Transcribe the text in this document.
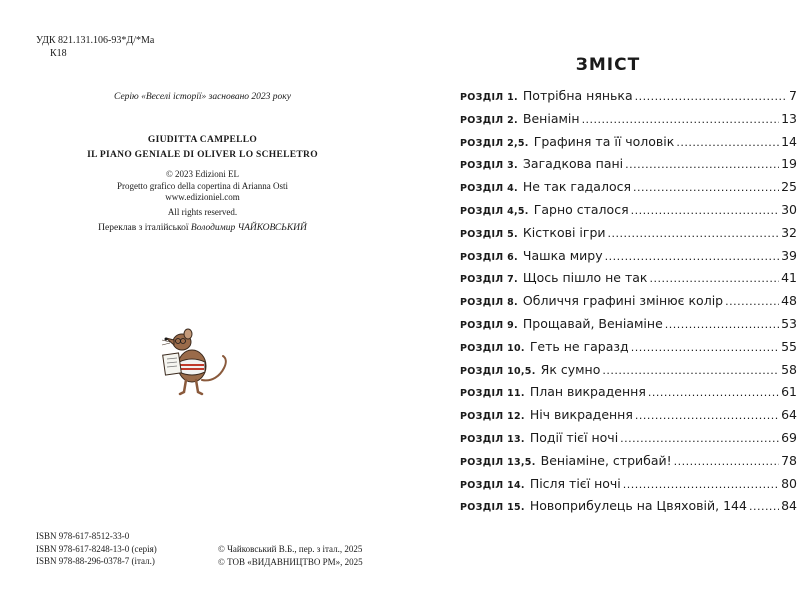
УДК 821.131.106-93*Д/*Ма
К18
Серію «Веселі історії» засновано 2023 року
GIUDITTA CAMPELLO
IL PIANO GENIALE DI OLIVER LO SCHELETRO
© 2023 Edizioni EL
Progetto grafico della copertina di Arianna Osti
www.edizioniel.com
All rights reserved.
Переклав з італійської Володимир ЧАЙКОВСЬКИЙ
ISBN 978-617-8512-33-0
ISBN 978-617-8248-13-0 (серія)
ISBN 978-88-296-0378-7 (італ.)
© Чайковський В.Б., пер. з італ., 2025
© ТОВ «ВИДАВНИЦТВО РМ», 2025
ЗМІСТ
РОЗДІЛ 1. Потрібна нянька .....	7
РОЗДІЛ 2. Веніамін .....	13
РОЗДІЛ 2,5. Графиня та її чоловік .....	14
РОЗДІЛ 3. Загадкова пані .....	19
РОЗДІЛ 4. Не так гадалося .....	25
РОЗДІЛ 4,5. Гарно сталося .....	30
РОЗДІЛ 5. Кісткові ігри .....	32
РОЗДІЛ 6. Чашка миру .....	39
РОЗДІЛ 7. Щось пішло не так .....	41
РОЗДІЛ 8. Обличчя графині змінює колір .....	48
РОЗДІЛ 9. Прощавай, Веніаміне .....	53
РОЗДІЛ 10. Геть не гаразд .....	55
РОЗДІЛ 10,5. Як сумно .....	58
РОЗДІЛ 11. План викрадення .....	61
РОЗДІЛ 12. Ніч викрадення .....	64
РОЗДІЛ 13. Події тієї ночі .....	69
РОЗДІЛ 13,5. Веніаміне, стрибай! .....	78
РОЗДІЛ 14. Після тієї ночі .....	80
РОЗДІЛ 15. Новоприбулець на Цвяховій, 144 .....	84
